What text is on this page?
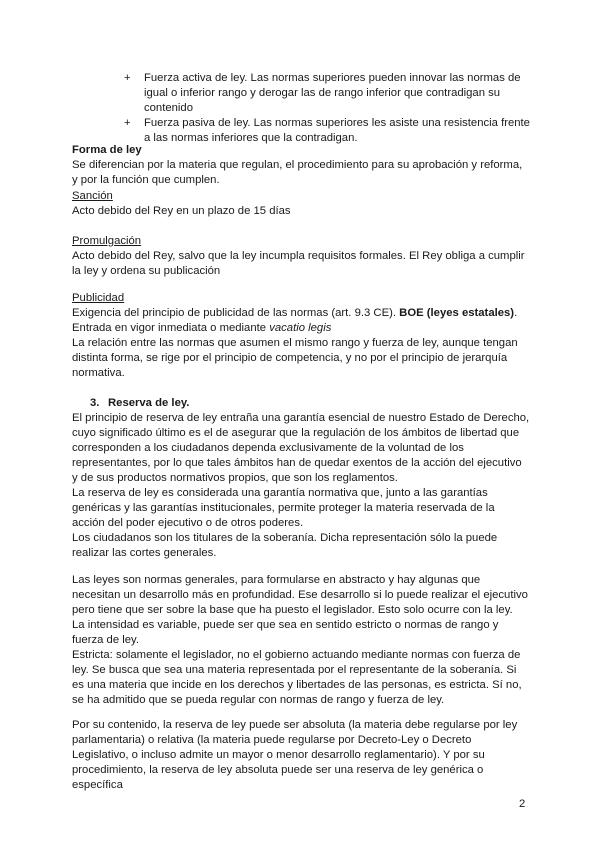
+	Fuerza activa de ley. Las normas superiores pueden innovar las normas de igual o inferior rango y derogar las de rango inferior que contradigan su contenido
+	Fuerza pasiva de ley. Las normas superiores les asiste una resistencia frente a las normas inferiores que la contradigan.
Forma de ley
Se diferencian por la materia que regulan, el procedimiento para su aprobación y reforma, y por la función que cumplen.
Sanción
Acto debido del Rey en un plazo de 15 días
Promulgación
Acto debido del Rey, salvo que la ley incumpla requisitos formales. El Rey obliga a cumplir la ley y ordena su publicación
Publicidad

Exigencia del principio de publicidad de las normas (art. 9.3 CE). BOE (leyes estatales).

Entrada en vigor inmediata o mediante vacatio legis

La relación entre las normas que asumen el mismo rango y fuerza de ley, aunque tengan distinta forma, se rige por el principio de competencia, y no por el principio de jerarquía normativa.

3. Reserva de ley.

El principio de reserva de ley entraña una garantía esencial de nuestro Estado de Derecho, cuyo significado último es el de asegurar que la regulación de los ámbitos de libertad que corresponden a los ciudadanos dependa exclusivamente de la voluntad de los representantes, por lo que tales ámbitos han de quedar exentos de la acción del ejecutivo y de sus productos normativos propios, que son los reglamentos.

La reserva de ley es considerada una garantía normativa que, junto a las garantías genéricas y las garantías institucionales, permite proteger la materia reservada de la acción del poder ejecutivo o de otros poderes.

Los ciudadanos son los titulares de la soberanía. Dicha representación sólo la puede realizar las cortes generales.

Las leyes son normas generales, para formularse en abstracto y hay algunas que necesitan un desarrollo más en profundidad. Ese desarrollo si lo puede realizar el ejecutivo pero tiene que ser sobre la base que ha puesto el legislador. Esto solo ocurre con la ley.

La intensidad es variable, puede ser que sea en sentido estricto o normas de rango y fuerza de ley.

Estricta: solamente el legislador, no el gobierno actuando mediante normas con fuerza de ley. Se busca que sea una materia representada por el representante de la soberanía. Si es una materia que incide en los derechos y libertades de las personas, es estricta. Sí no, se ha admitido que se pueda regular con normas de rango y fuerza de ley.

Por su contenido, la reserva de ley puede ser absoluta (la materia debe regularse por ley parlamentaria) o relativa (la materia puede regularse por Decreto-Ley o Decreto Legislativo, o incluso admite un mayor o menor desarrollo reglamentario). Y por su procedimiento, la reserva de ley absoluta puede ser una reserva de ley genérica o específica
2
